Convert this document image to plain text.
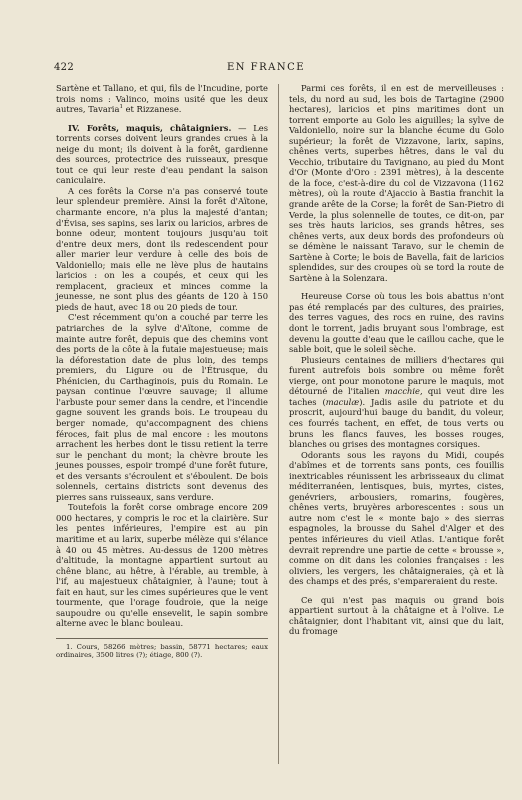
422	EN FRANCE

Sartène et Tallano, et qui, fils de l'Incudine, porte trois noms : Valinco, moins usité que les deux autres, Tavaria$^1$ et Rizzanese.

IV. Forêts, maquis, châtaigniers. — Les torrents corses doivent leurs grandes crues à la neige du mont; ils doivent à la forêt, gardienne des sources, protectrice des ruisseaux, presque tout ce qui leur reste d'eau pendant la saison caniculaire.

A ces forêts la Corse n'a pas conservé toute leur splendeur première. Ainsi la forêt d'Aïtone, charmante encore, n'a plus la majesté d'antan; d'Évisa, ses sapins, ses larix ou laricios, arbres de bonne odeur, montent toujours jusqu'au toit d'entre deux mers, dont ils redescendent pour aller marier leur verdure à celle des bois de Valdoniello; mais elle ne lève plus de hautains laricios : on les a coupés, et ceux qui les remplacent, gracieux et minces comme la jeunesse, ne sont plus des géants de 120 à 150 pieds de haut, avec 18 ou 20 pieds de tour.

C'est récemment qu'on a couché par terre les patriarches de la sylve d'Aïtone, comme de mainte autre forêt, depuis que des chemins vont des ports de la côte à la futaie majestueuse; mais la déforestation date de plus loin, des temps premiers, du Ligure ou de l'Étrusque, du Phénicien, du Carthaginois, puis du Romain. Le paysan continue l'œuvre sauvage; il allume l'arbuste pour semer dans la cendre, et l'incendie gagne souvent les grands bois. Le troupeau du berger nomade, qu'accompagnent des chiens féroces, fait plus de mal encore : les moutons arrachent les herbes dont le tissu retient la terre sur le penchant du mont; la chèvre broute les jeunes pousses, espoir trompé d'une forêt future, et des versants s'écroulent et s'éboulent. De bois solennels, certains districts sont devenus des pierres sans ruisseaux, sans verdure.

Toutefois la forêt corse ombrage encore 209 000 hectares, y compris le roc et la clairière. Sur les pentes inférieures, l'empire est au pin maritime et au larix, superbe mélèze qui s'élance à 40 ou 45 mètres. Au-dessus de 1200 mètres d'altitude, la montagne appartient surtout au chêne blanc, au hêtre, à l'érable, au tremble, à l'if, au majestueux châtaignier, à l'aune; tout à fait en haut, sur les cimes supérieures que le vent tourmente, que l'orage foudroie, que la neige saupoudre ou qu'elle ensevelit, le sapin sombre alterne avec le blanc bouleau.

1. Cours, 58266 mètres; bassin, 58771 hectares; eaux ordinaires, 3500 litres (?); étiage, 800 (?).

Parmi ces forêts, il en est de merveilleuses : tels, du nord au sud, les bois de Tartagine (2900 hectares), laricios et pins maritimes dont un torrent emporte au Golo les aiguilles; la sylve de Valdoniello, noire sur la blanche écume du Golo supérieur; la forêt de Vizzavone, larix, sapins, chênes verts, superbes hêtres, dans le val du Vecchio, tributaire du Tavignano, au pied du Mont d'Or (Monte d'Oro : 2391 mètres), à la descente de la foce, c'est-à-dire du col de Vizzavona (1162 mètres), où la route d'Ajaccio à Bastia franchit la grande arête de la Corse; la forêt de San-Pietro di Verde, la plus solennelle de toutes, ce dit-on, par ses très hauts laricios, ses grands hêtres, ses chênes verts, aux deux bords des profondeurs où se démène le naissant Taravo, sur le chemin de Sartène à Corte; le bois de Bavella, fait de laricios splendides, sur des croupes où se tord la route de Sartène à la Solenzara.

Heureuse Corse où tous les bois abattus n'ont pas été remplacés par des cultures, des prairies, des terres vagues, des rocs en ruine, des ravins dont le torrent, jadis bruyant sous l'ombrage, est devenu la goutte d'eau que le caillou cache, que le sable boit, que le soleil sèche.

Plusieurs centaines de milliers d'hectares qui furent autrefois bois sombre ou même forêt vierge, ont pour monotone parure le maquis, mot détourné de l'italien macchie, qui veut dire les taches (maculæ). Jadis asile du patriote et du proscrit, aujourd'hui bauge du bandit, du voleur, ces fourrés tachent, en effet, de tous verts ou bruns les flancs fauves, les bosses rouges, blanches ou grises des montagnes corsiques.

Odorants sous les rayons du Midi, coupés d'abîmes et de torrents sans ponts, ces fouillis inextricables réunissent les arbrisseaux du climat méditerranéen, lentisques, buis, myrtes, cistes, genévriers, arbousiers, romarins, fougères, chênes verts, bruyères arborescentes : sous un autre nom c'est le « monte bajo » des sierras espagnoles, la brousse du Sahel d'Alger et des pentes inférieures du vieil Atlas. L'antique forêt devrait reprendre une partie de cette « brousse », comme on dit dans les colonies françaises : les oliviers, les vergers, les châtaigneraies, çà et là des champs et des prés, s'empareraient du reste.

Ce qui n'est pas maquis ou grand bois appartient surtout à la châtaigne et à l'olive. Le châtaignier, dont l'habitant vit, ainsi que du lait, du fromage
